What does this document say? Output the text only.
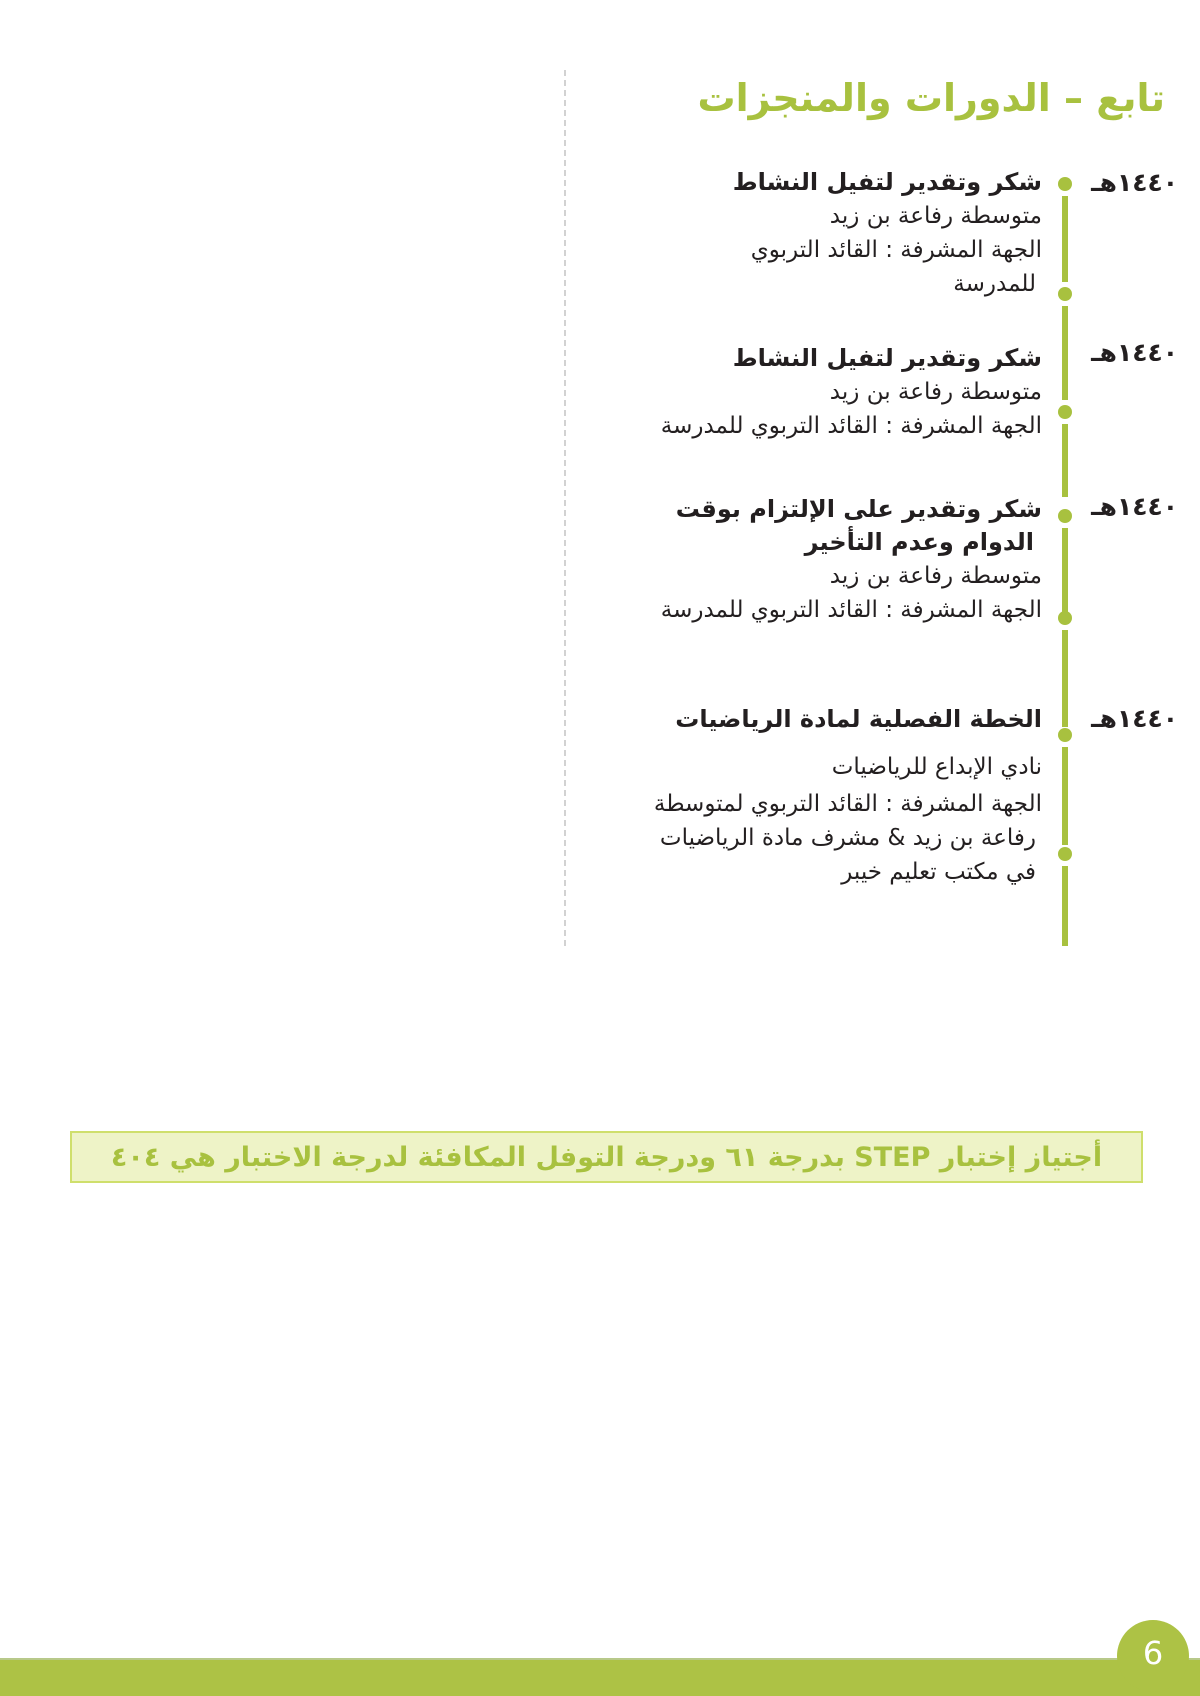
تابع – الدورات والمنجزات
١٤٤٠هـ
شكر وتقدير لتفيل النشاط
متوسطة رفاعة بن زيد
الجهة المشرفة : القائد التربوي
للمدرسة
١٤٤٠هـ
شكر وتقدير لتفيل النشاط
متوسطة رفاعة بن زيد
الجهة المشرفة : القائد التربوي للمدرسة
١٤٤٠هـ
شكر وتقدير على الإلتزام بوقت
الدوام وعدم التأخير
متوسطة رفاعة بن زيد
الجهة المشرفة : القائد التربوي للمدرسة
١٤٤٠هـ
الخطة الفصلية لمادة الرياضيات
نادي الإبداع للرياضيات
الجهة المشرفة : القائد التربوي لمتوسطة
رفاعة بن زيد & مشرف مادة الرياضيات
في مكتب تعليم خيبر
أجتياز إختبار STEP بدرجة ٦١ ودرجة التوفل المكافئة لدرجة الاختبار هي ٤٠٤
6
